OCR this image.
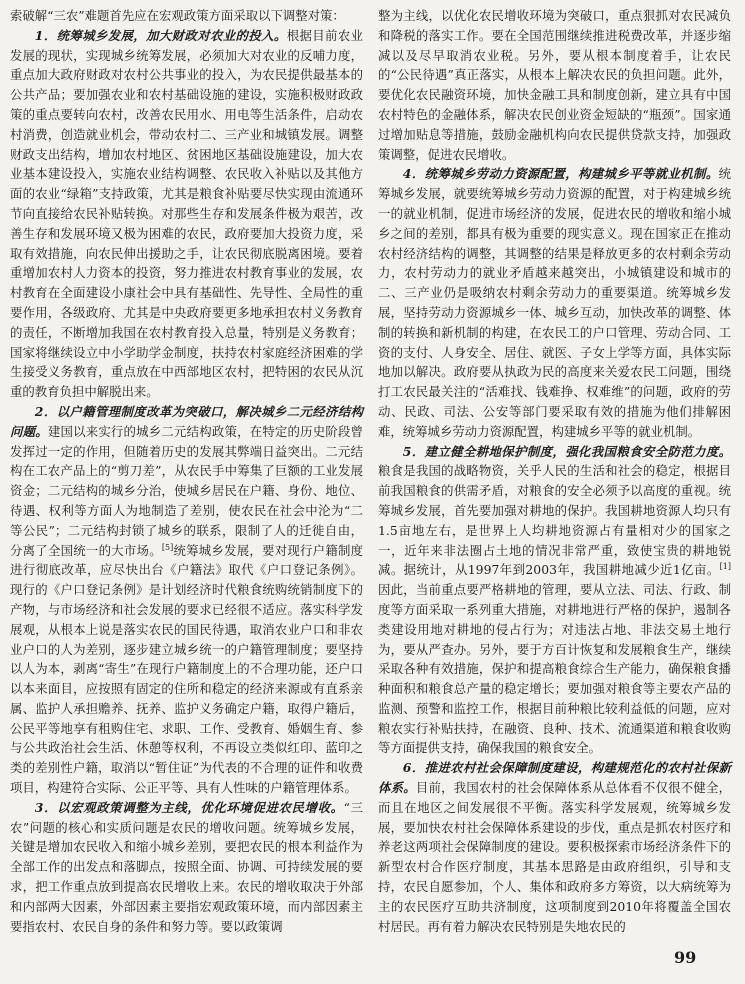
索破解“三农”难题首先应在宏观政策方面采取以下调整对策：

1．统筹城乡发展，加大财政对农业的投入。根据目前农业发展的现状，实现城乡统筹发展，必须加大对农业的反哺力度，重点加大政府财政对农村公共事业的投入，为农民提供最基本的公共产品；要加强农业和农村基础设施的建设，实施积极财政政策的重点要转向农村，改善农民用水、用电等生活条件，启动农村消费，创造就业机会，带动农村二、三产业和城镇发展。调整财政支出结构，增加农村地区、贫困地区基础设施建设，加大农业基本建设投入，实施农业结构调整、农民收入补贴以及其他方面的农业“绿箱”支持政策，尤其是粮食补贴要尽快实现由流通环节向直接给农民补贴转换。对那些生存和发展条件极为艰苦，改善生存和发展环境又极为困难的农民，政府要加大投资力度，采取有效措施，向农民伸出援助之手，让农民彻底脱离困境。要着重增加农村人力资本的投资，努力推进农村教育事业的发展，农村教育在全面建设小康社会中具有基础性、先导性、全局性的重要作用，各级政府、尤其是中央政府要更多地承担农村义务教育的责任，不断增加我国在农村教育投入总量，特别是义务教育；国家将继续设立中小学助学金制度，扶持农村家庭经济困难的学生接受义务教育，重点放在中西部地区农村，把特困的农民从沉重的教育负担中解脱出来。

2．以户籍管理制度改革为突破口，解决城乡二元经济结构问题。建国以来实行的城乡二元结构政策，在特定的历史阶段曾发挥过一定的作用，但随着历史的发展其弊端日益突出。二元结构在工农产品上的“剪刀差”，从农民手中筹集了巨额的工业发展资金；二元结构的城乡分治，使城乡居民在户籍、身份、地位、待遇、权利等方面人为地制造了差别，使农民在社会中沦为“二等公民”；二元结构封锁了城乡的联系，限制了人的迁徙自由，分离了全国统一的大市场。[5]统筹城乡发展，要对现行户籍制度进行彻底改革，应尽快出台《户籍法》取代《户口登记条例》。现行的《户口登记条例》是计划经济时代粮食统购统销制度下的产物，与市场经济和社会发展的要求已经很不适应。落实科学发展观，从根本上说是落实农民的国民待遇，取消农业户口和非农业户口的人为差别，逐步建立城乡统一的户籍管理制度；要坚持以人为本，剥离“寄生”在现行户籍制度上的不合理功能，还户口以本来面目，应按照有固定的住所和稳定的经济来源或有直系亲属、监护人承担赡养、抚养、监护义务确定户籍，取得户籍后，公民平等地享有租购住宅、求职、工作、受教育、婚姻生育、参与公共政治社会生活、休憩等权利，不再设立类似红印、蓝印之类的差别性户籍，取消以“暂住证”为代表的不合理的证件和收费项目，构建符合实际、公正平等、具有人性味的户籍管理体系。

3．以宏观政策调整为主线，优化环境促进农民增收。“三农”问题的核心和实质问题是农民的增收问题。统筹城乡发展，关键是增加农民收入和缩小城乡差别，要把农民的根本利益作为全部工作的出发点和落脚点，按照全面、协调、可持续发展的要求，把工作重点放到提高农民增收上来。农民的增收取决于外部和内部两大因素，外部因素主要指宏观政策环境，而内部因素主要指农村、农民自身的条件和努力等。要以政策调

整为主线，以优化农民增收环境为突破口，重点狠抓对农民减负和降税的落实工作。要在全国范围继续推进税费改革，并逐步缩减以及尽早取消农业税。另外，要从根本制度着手，让农民的“公民待遇”真正落实，从根本上解决农民的负担问题。此外，要优化农民融资环境，加快金融工具和制度创新，建立具有中国农村特色的金融体系，解决农民创业资金短缺的“瓶颈”。国家通过增加贴息等措施，鼓励金融机构向农民提供贷款支持，加强政策调整，促进农民增收。

4．统筹城乡劳动力资源配置，构建城乡平等就业机制。统筹城乡发展，就要统筹城乡劳动力资源的配置，对于构建城乡统一的就业机制，促进市场经济的发展，促进农民的增收和缩小城乡之间的差别，都具有极为重要的现实意义。现在国家正在推动农村经济结构的调整，其调整的结果是释放更多的农村剩余劳动力，农村劳动力的就业矛盾越来越突出，小城镇建设和城市的二、三产业仍是吸纳农村剩余劳动力的重要渠道。统筹城乡发展，坚持劳动力资源城乡一体、城乡互动，加快改革的调整、体制的转换和新机制的构建，在农民工的户口管理、劳动合同、工资的支付、人身安全、居住、就医、子女上学等方面，具体实际地加以解决。政府要从执政为民的高度来关爱农民工问题，围绕打工农民最关注的“活难找、钱难挣、权难维”的问题，政府的劳动、民政、司法、公安等部门要采取有效的措施为他们排解困难，统筹城乡劳动力资源配置，构建城乡平等的就业机制。

5．建立健全耕地保护制度，强化我国粮食安全防范力度。粮食是我国的战略物资，关乎人民的生活和社会的稳定，根据目前我国粮食的供需矛盾，对粮食的安全必须予以高度的重视。统筹城乡发展，首先要加强对耕地的保护。我国耕地资源人均只有1.5亩地左右，是世界上人均耕地资源占有量相对少的国家之一，近年来非法圈占土地的情况非常严重，致使宝贵的耕地锐减。据统计，从1997年到2003年，我国耕地减少近1亿亩。[1]因此，当前重点要严格耕地的管理，要从立法、司法、行政、制度等方面采取一系列重大措施，对耕地进行严格的保护，遏制各类建设用地对耕地的侵占行为；对违法占地、非法交易土地行为，要从严查办。另外，要于方百计恢复和发展粮食生产，继续采取各种有效措施，保护和提高粮食综合生产能力，确保粮食播种面积和粮食总产量的稳定增长；要加强对粮食等主要农产品的监测、预警和监控工作，根据目前种粮比较利益低的问题，应对粮农实行补贴扶持，在融资、良种、技术、流通渠道和粮食收购等方面提供支持，确保我国的粮食安全。

6．推进农村社会保障制度建设，构建规范化的农村社保新体系。目前，我国农村的社会保障体系从总体看不仅很不健全，而且在地区之间发展很不平衡。落实科学发展观，统筹城乡发展，要加快农村社会保障体系建设的步伐，重点是抓农村医疗和养老这两项社会保障制度的建设。要积极探索市场经济条件下的新型农村合作医疗制度，其基本思路是由政府组织，引导和支持，农民自愿参加，个人、集体和政府多方筹资，以大病统筹为主的农民医疗互助共济制度，这项制度到2010年将覆盖全国农村居民。再有着力解决农民特别是失地农民的

99
